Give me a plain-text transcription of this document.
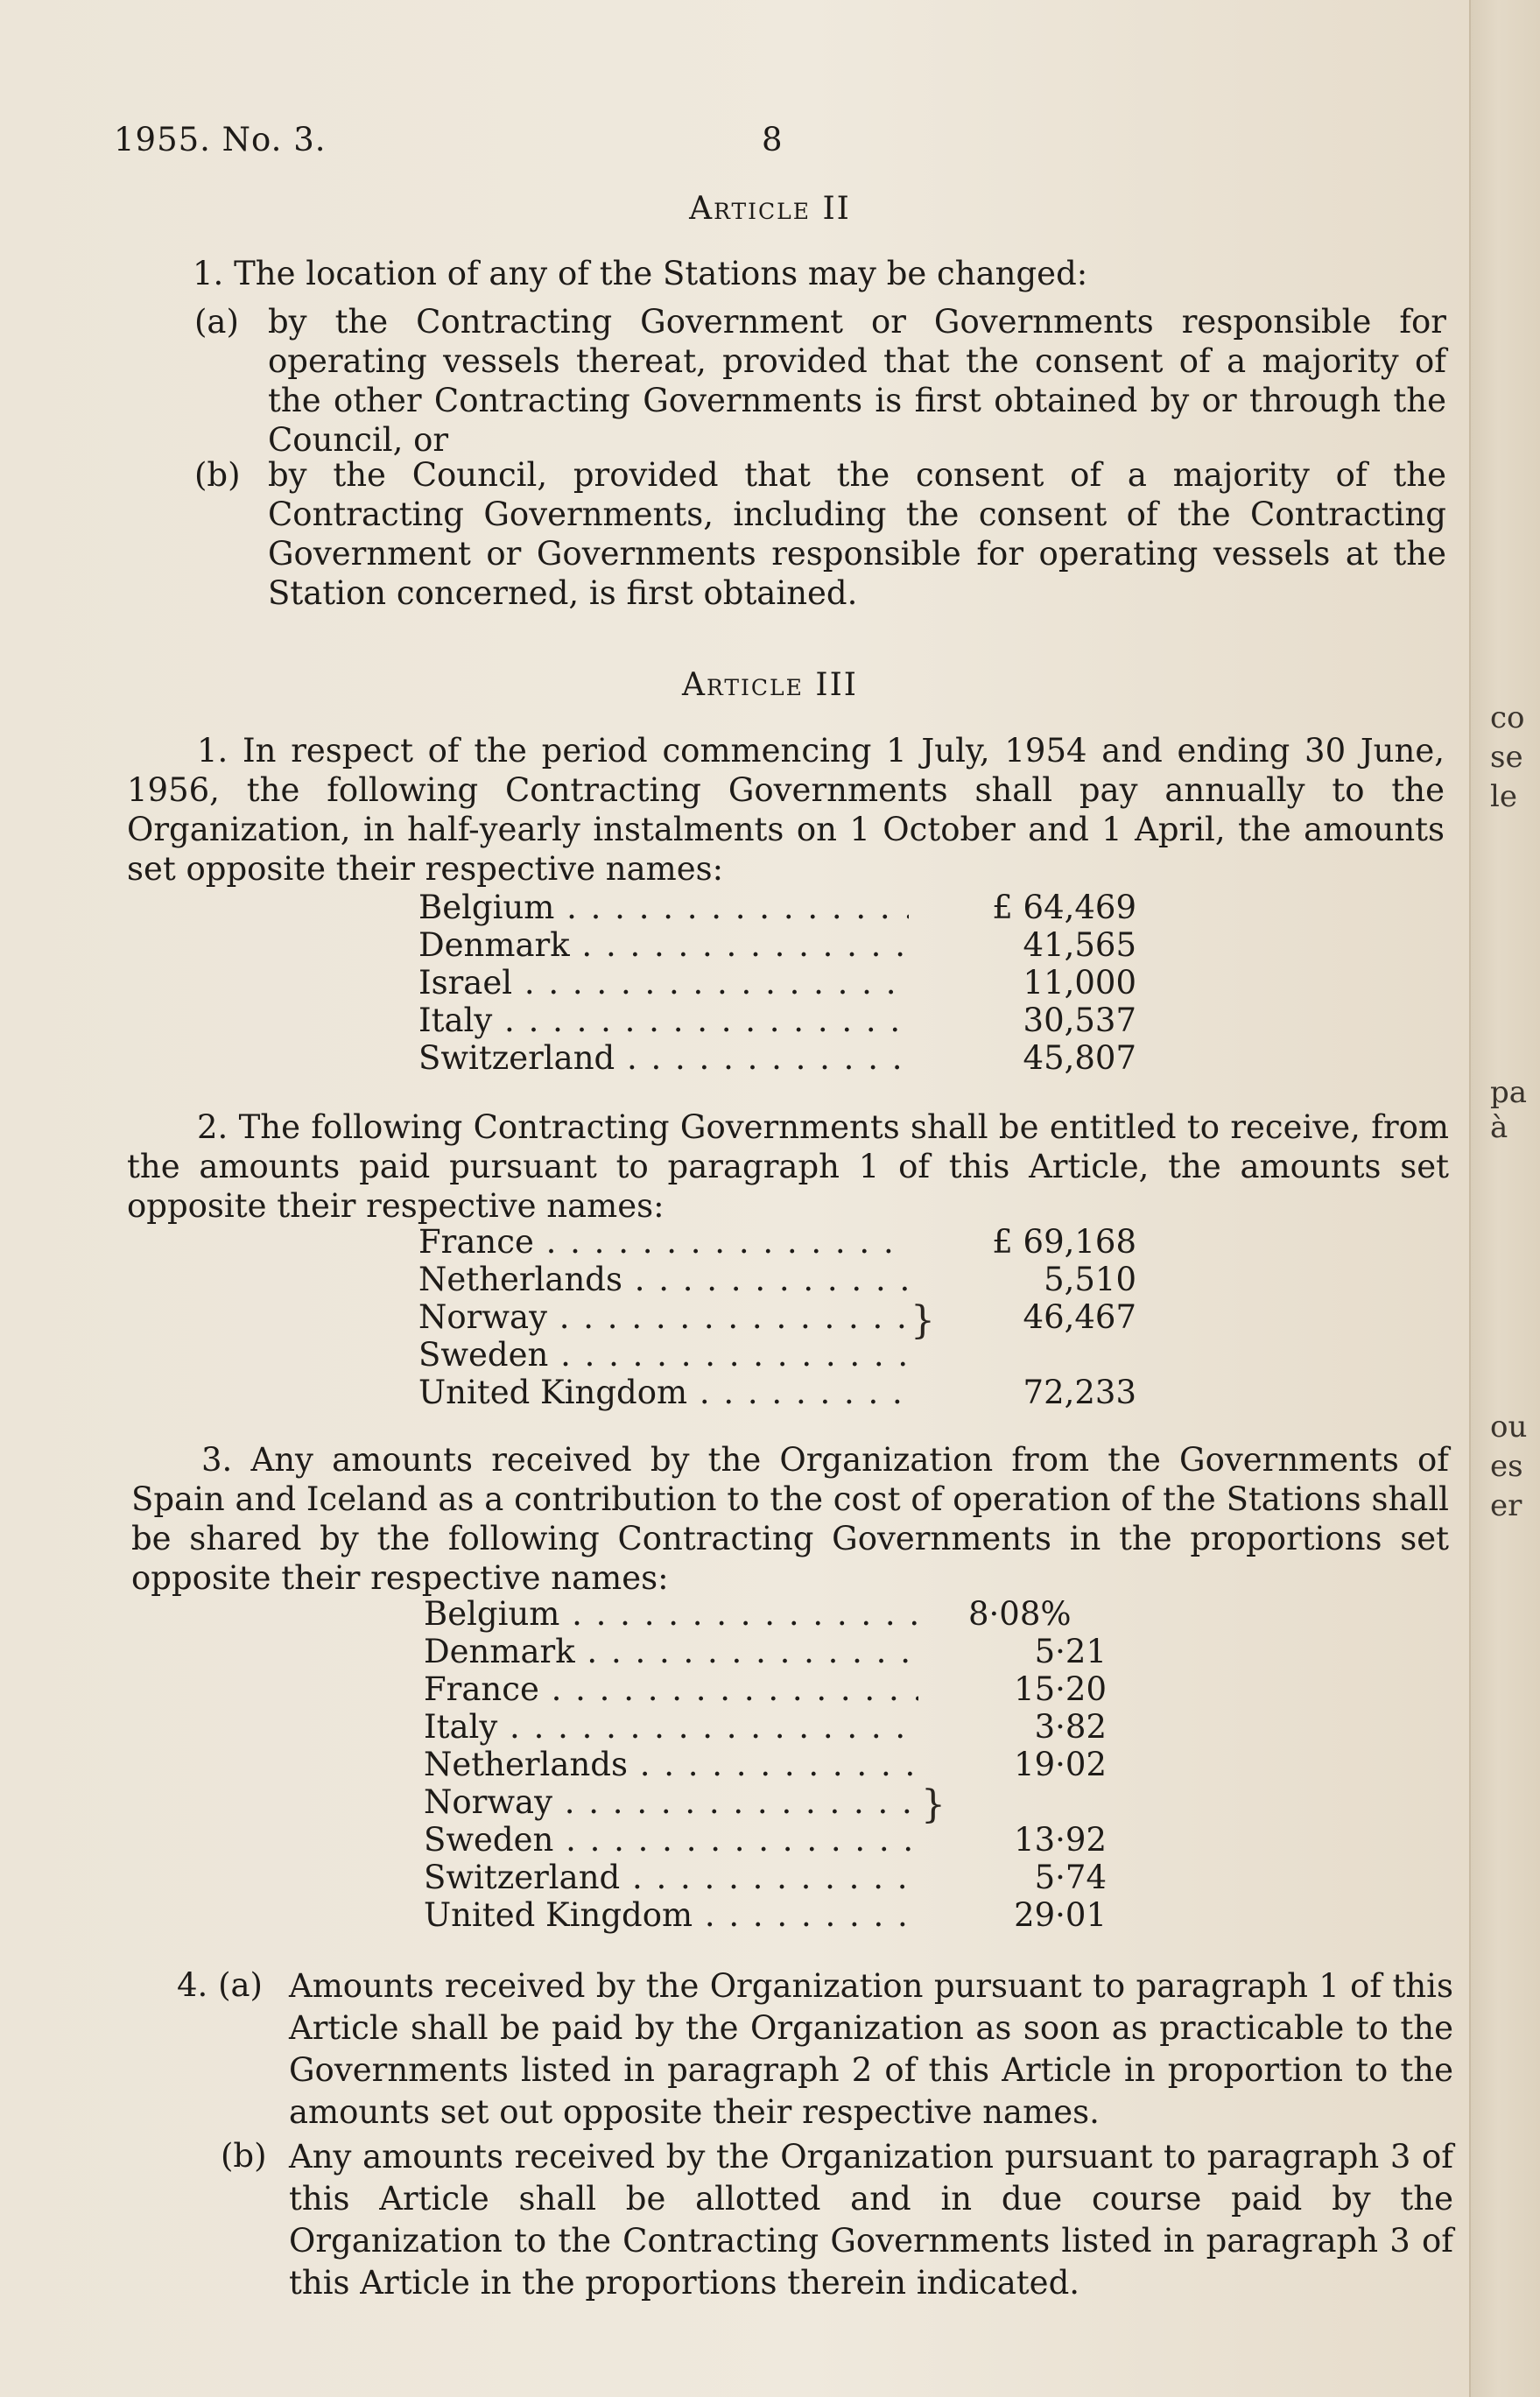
1955. No. 3.	8
Article II
1. The location of any of the Stations may be changed:
(a) by the Contracting Government or Governments responsible for operating vessels thereat, provided that the consent of a majority of the other Contracting Governments is first obtained by or through the Council, or
(b) by the Council, provided that the consent of a majority of the Contracting Governments, including the consent of the Contracting Government or Governments responsible for operating vessels at the Station concerned, is first obtained.
Article III
1. In respect of the period commencing 1 July, 1954 and ending 30 June, 1956, the following Contracting Governments shall pay annually to the Organization, in half-yearly instalments on 1 October and 1 April, the amounts set opposite their respective names:
Belgium . . .	£ 64,469
Denmark . . .	41,565
Israel . . .	11,000
Italy . . .	30,537
Switzerland . . .	45,807
2. The following Contracting Governments shall be entitled to receive, from the amounts paid pursuant to paragraph 1 of this Article, the amounts set opposite their respective names:
France . . .	£ 69,168
Netherlands . . .	5,510
Norway . . .	46,467
Sweden . . .
United Kingdom . . .	72,233
}
3. Any amounts received by the Organization from the Governments of Spain and Iceland as a contribution to the cost of operation of the Stations shall be shared by the following Contracting Governments in the proportions set opposite their respective names:
Belgium . . .	8·08%
Denmark . . .	5·21
France . . .	15·20
Italy . . .	3·82
Netherlands . . .	19·02
Norway . . .
Sweden . . .	13·92
Switzerland . . .	5·74
United Kingdom . . .	29·01
}
4. (a) Amounts received by the Organization pursuant to paragraph 1 of this Article shall be paid by the Organization as soon as practicable to the Governments listed in paragraph 2 of this Article in proportion to the amounts set out opposite their respective names.
(b) Any amounts received by the Organization pursuant to paragraph 3 of this Article shall be allotted and in due course paid by the Organization to the Contracting Governments listed in paragraph 3 of this Article in the proportions therein indicated.
co
se
le
pa
à
ou
es
er
